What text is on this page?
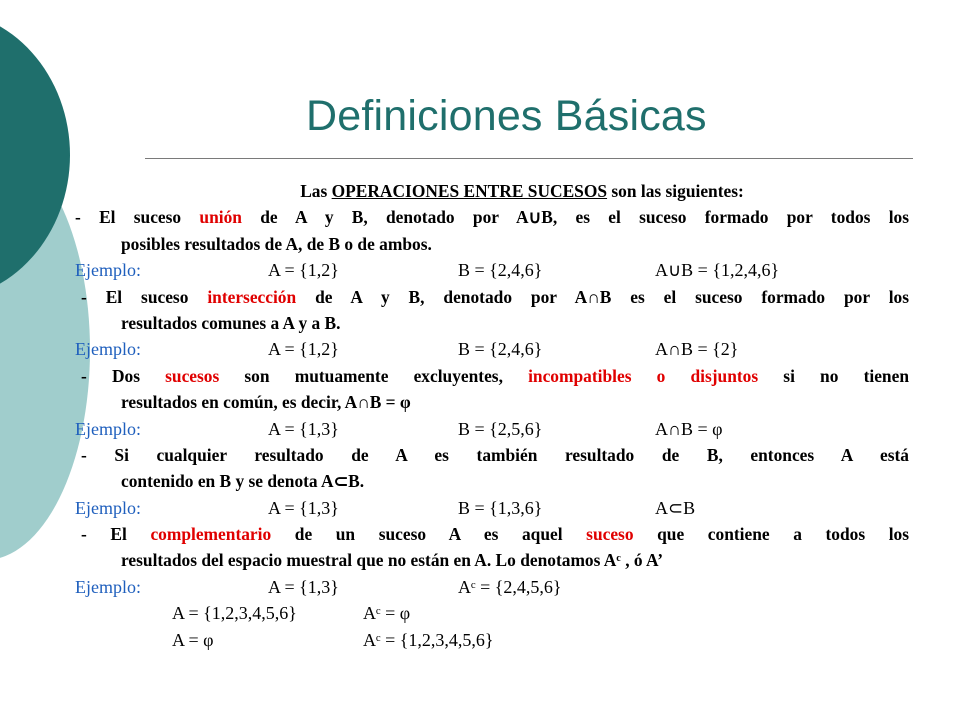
Definiciones Básicas
Las OPERACIONES ENTRE SUCESOS son las siguientes:
- El suceso unión de A y B, denotado por A∪B, es el suceso formado por todos los
posibles resultados de A, de B o de ambos.
Ejemplo:	A = {1,2}	B = {2,4,6}	A∪B = {1,2,4,6}
- El suceso intersección de A y B, denotado por A∩B es el suceso formado por los
resultados comunes a A y a B.
Ejemplo:	A = {1,2}	B = {2,4,6}	A∩B = {2}
- Dos sucesos son mutuamente excluyentes, incompatibles o disjuntos si no tienen
resultados en común, es decir, A∩B = φ
Ejemplo:	A = {1,3}	B = {2,5,6}	A∩B = φ
- Si cualquier resultado de A es también resultado de B, entonces A está
contenido en B y se denota A⊂B.
Ejemplo:	A = {1,3}	B = {1,3,6}	A⊂B
- El complementario de un suceso A es aquel suceso que contiene a todos los
resultados del espacio muestral que no están en A. Lo denotamos Aᶜ , ó A’
Ejemplo:	A = {1,3}	Aᶜ = {2,4,5,6}
A = {1,2,3,4,5,6}	Aᶜ = φ
A = φ	Aᶜ = {1,2,3,4,5,6}
